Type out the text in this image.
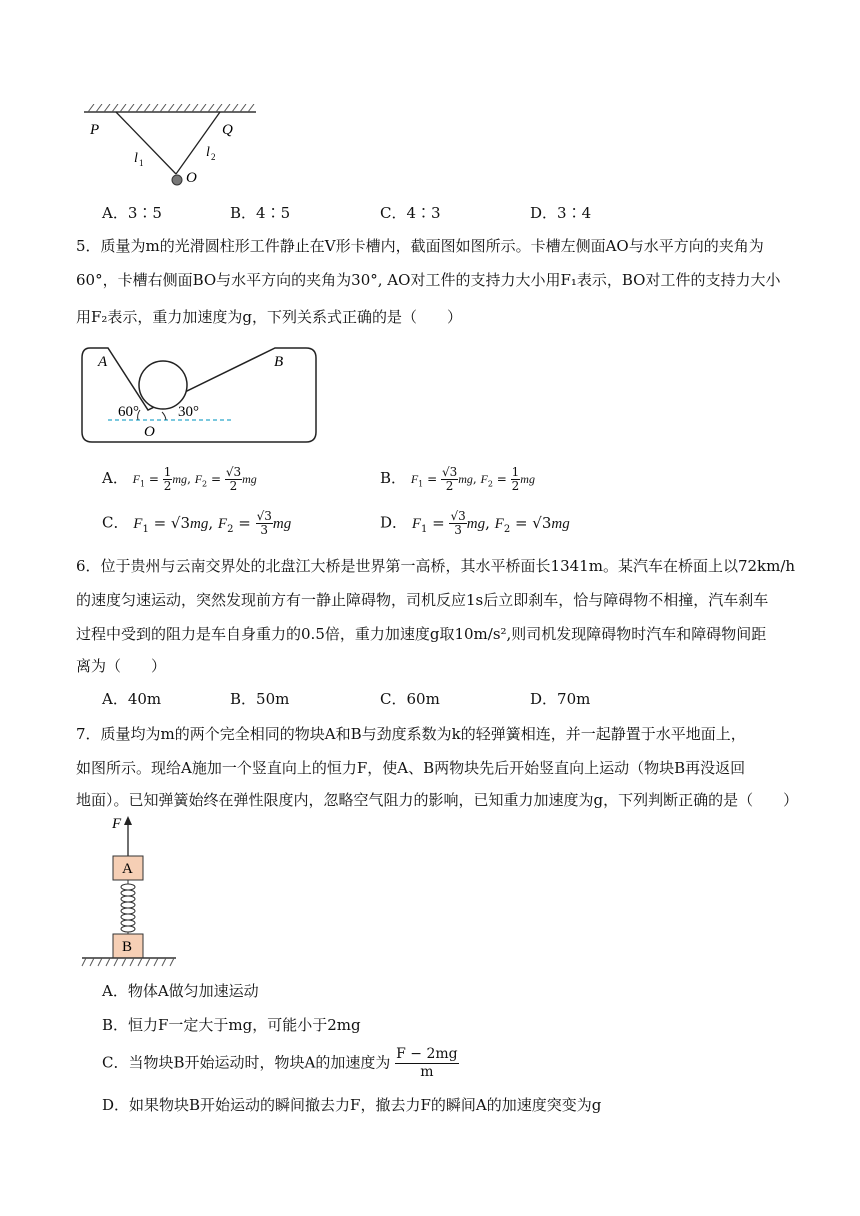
P	Q
l 1
l 2
O
A．3∶5	B．4∶5	C．4∶3	D．3∶4
5．质量为m的光滑圆柱形工件静止在V形卡槽内，截面图如图所示。卡槽左侧面AO与水平方向的夹角为
60°，卡槽右侧面BO与水平方向的夹角为30°, AO对工件的支持力大小用F₁表示，BO对工件的支持力大小
用F₂表示，重力加速度为g，下列关系式正确的是（　　）
A	B
O
60°	30°
A． $F_1 = \frac{1}{2}$ mg, $F_2 = \frac{√3}{2}$ mg	B． $F_1 = \frac{√3}{2}$ mg, $F_2 = \frac{1}{2}$ mg
C． $F_1 = √3mg$, $F_2 = \frac{√3}{3}$ mg	D． $F_1 = \frac{√3}{3}$ mg, $F_2 = √3mg$
6．位于贵州与云南交界处的北盘江大桥是世界第一高桥，其水平桥面长1341m。某汽车在桥面上以72km/h
的速度匀速运动，突然发现前方有一静止障碍物，司机反应1s后立即刹车，恰与障碍物不相撞，汽车刹车
过程中受到的阻力是车自身重力的0.5倍，重力加速度g取10m/s²,则司机发现障碍物时汽车和障碍物间距
离为（　　）
A．40m	B．50m	C．60m	D．70m
7．质量均为m的两个完全相同的物块A和B与劲度系数为k的轻弹簧相连，并一起静置于水平地面上，
如图所示。现给A施加一个竖直向上的恒力F，使A、B两物块先后开始竖直向上运动（物块B再没返回
地面）。已知弹簧始终在弹性限度内，忽略空气阻力的影响，已知重力加速度为g，下列判断正确的是（　　）
F
A
B
A．物体A做匀加速运动
B．恒力F一定大于mg，可能小于2mg
C．当物块B开始运动时，物块A的加速度为 $\frac{F - 2mg}{m}$
D．如果物块B开始运动的瞬间撤去力F，撤去力F的瞬间A的加速度突变为g
